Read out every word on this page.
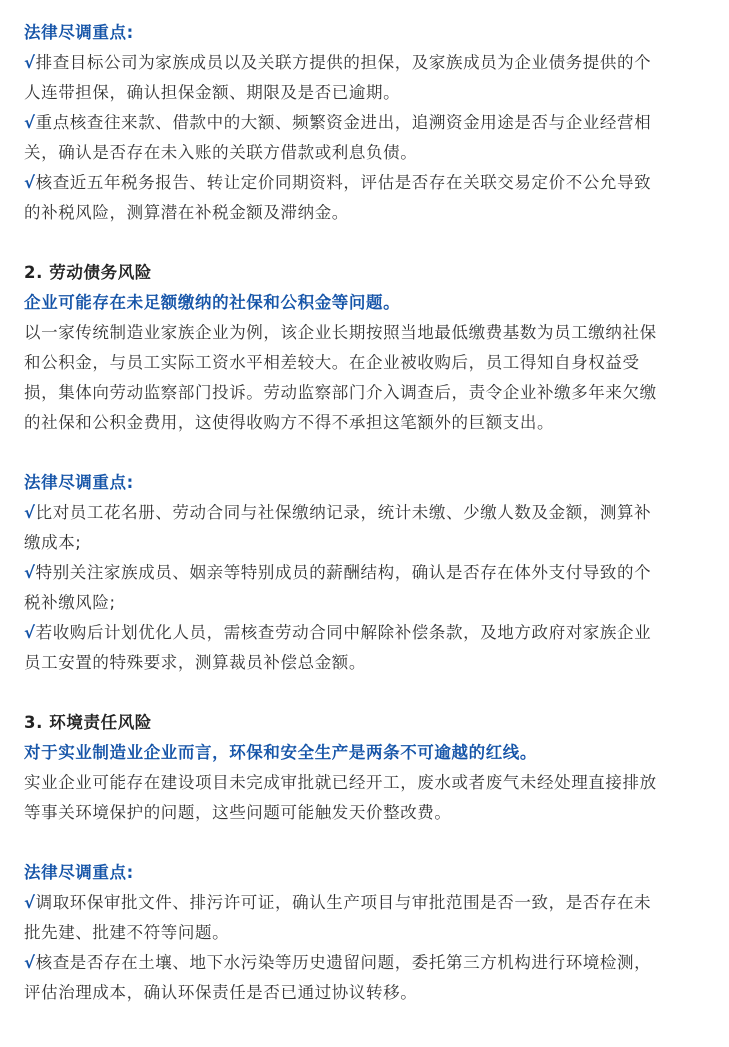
法律尽调重点:
√排查目标公司为家族成员以及关联方提供的担保，及家族成员为企业债务提供的个
人连带担保，确认担保金额、期限及是否已逾期。
√重点核查往来款、借款中的大额、频繁资金进出，追溯资金用途是否与企业经营相
关，确认是否存在未入账的关联方借款或利息负债。
√核查近五年税务报告、转让定价同期资料，评估是否存在关联交易定价不公允导致
的补税风险，测算潜在补税金额及滞纳金。
2. 劳动债务风险
企业可能存在未足额缴纳的社保和公积金等问题。
以一家传统制造业家族企业为例，该企业长期按照当地最低缴费基数为员工缴纳社保
和公积金，与员工实际工资水平相差较大。在企业被收购后，员工得知自身权益受
损，集体向劳动监察部门投诉。劳动监察部门介入调查后，责令企业补缴多年来欠缴
的社保和公积金费用，这使得收购方不得不承担这笔额外的巨额支出。
法律尽调重点:
√比对员工花名册、劳动合同与社保缴纳记录，统计未缴、少缴人数及金额，测算补
缴成本;
√特别关注家族成员、姻亲等特别成员的薪酬结构，确认是否存在体外支付导致的个
税补缴风险;
√若收购后计划优化人员，需核查劳动合同中解除补偿条款，及地方政府对家族企业
员工安置的特殊要求，测算裁员补偿总金额。
3. 环境责任风险
对于实业制造业企业而言，环保和安全生产是两条不可逾越的红线。
实业企业可能存在建设项目未完成审批就已经开工，废水或者废气未经处理直接排放
等事关环境保护的问题，这些问题可能触发天价整改费。
法律尽调重点:
√调取环保审批文件、排污许可证，确认生产项目与审批范围是否一致，是否存在未
批先建、批建不符等问题。
√核查是否存在土壤、地下水污染等历史遗留问题，委托第三方机构进行环境检测，
评估治理成本，确认环保责任是否已通过协议转移。
